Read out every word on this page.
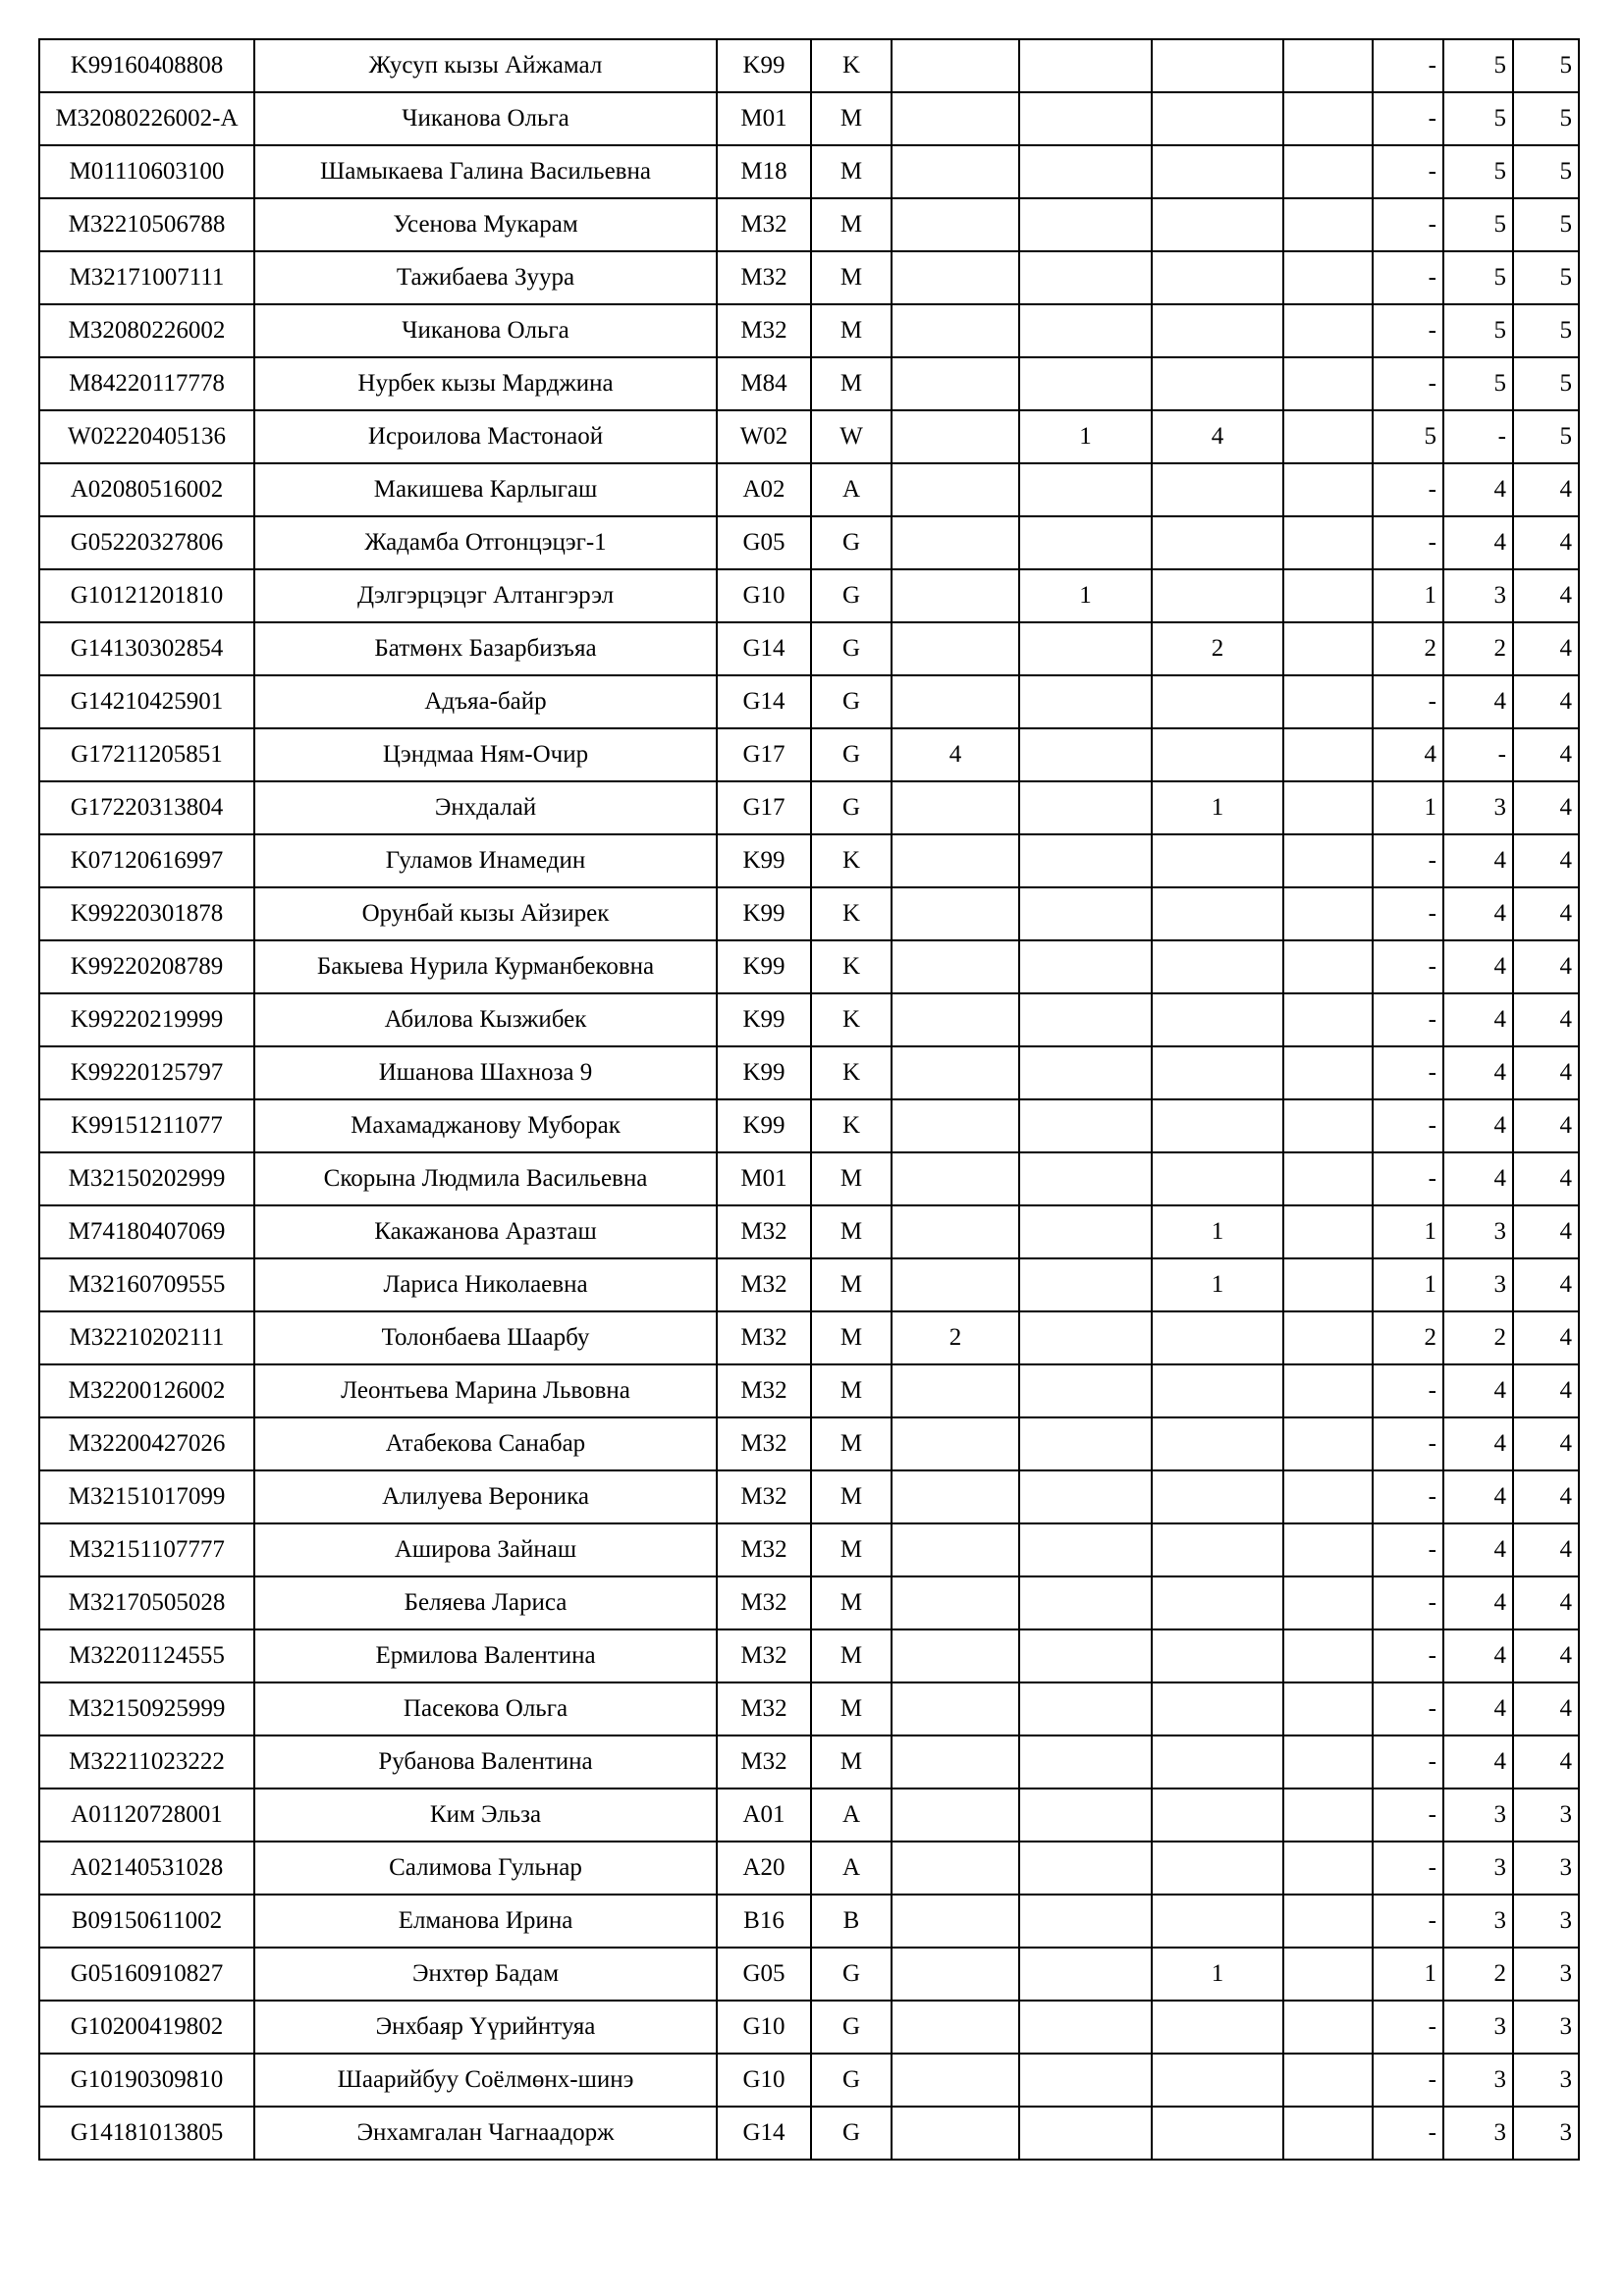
K99160408808	Жусуп кызы Айжамал	K99	K					-	5	5
M32080226002-A	Чиканова Ольга	M01	M					-	5	5
M01110603100	Шамыкаева Галина Васильевна	M18	M					-	5	5
M32210506788	Усенова Мукарам	M32	M					-	5	5
M32171007111	Тажибаева Зуура	M32	M					-	5	5
M32080226002	Чиканова Ольга	M32	M					-	5	5
M84220117778	Нурбек кызы Марджина	M84	M					-	5	5
W02220405136	Исроилова Мастонаой	W02	W		1	4		5	-	5
A02080516002	Макишева Карлыгаш	A02	A					-	4	4
G05220327806	Жадамба Отгонцэцэг-1	G05	G					-	4	4
G10121201810	Дэлгэрцэцэг Алтангэрэл	G10	G		1			1	3	4
G14130302854	Батмөнх Базарбизъяа	G14	G			2		2	2	4
G14210425901	Адъяа-байр	G14	G					-	4	4
G17211205851	Цэндмаа Ням-Очир	G17	G	4				4	-	4
G17220313804	Энхдалай	G17	G			1		1	3	4
K07120616997	Гуламов Инамедин	K99	K					-	4	4
K99220301878	Орунбай кызы Айзирек	K99	K					-	4	4
K99220208789	Бакыева Нурила Курманбековна	K99	K					-	4	4
K99220219999	Абилова Кызжибек	K99	K					-	4	4
K99220125797	Ишанова Шахноза 9	K99	K					-	4	4
K99151211077	Махамаджанову Муборак	K99	K					-	4	4
M32150202999	Скорына Людмила Васильевна	M01	M					-	4	4
M74180407069	Какажанова Аразташ	M32	M			1		1	3	4
M32160709555	Лариса Николаевна	M32	M			1		1	3	4
M32210202111	Толонбаева Шаарбу	M32	M	2				2	2	4
M32200126002	Леонтьева Марина Львовна	M32	M					-	4	4
M32200427026	Атабекова Санабар	M32	M					-	4	4
M32151017099	Алилуева Вероника	M32	M					-	4	4
M32151107777	Аширова Зайнаш	M32	M					-	4	4
M32170505028	Беляева Лариса	M32	M					-	4	4
M32201124555	Ермилова Валентина	M32	M					-	4	4
M32150925999	Пасекова Ольга	M32	M					-	4	4
M32211023222	Рубанова Валентина	M32	M					-	4	4
A01120728001	Ким Эльза	A01	A					-	3	3
A02140531028	Салимова Гульнар	A20	A					-	3	3
B09150611002	Елманова Ирина	B16	B					-	3	3
G05160910827	Энхтөр Бадам	G05	G			1		1	2	3
G10200419802	Энхбаяр Үүрийнтуяа	G10	G					-	3	3
G10190309810	Шаарийбуу Соёлмөнх-шинэ	G10	G					-	3	3
G14181013805	Энхамгалан Чагнаадорж	G14	G					-	3	3
